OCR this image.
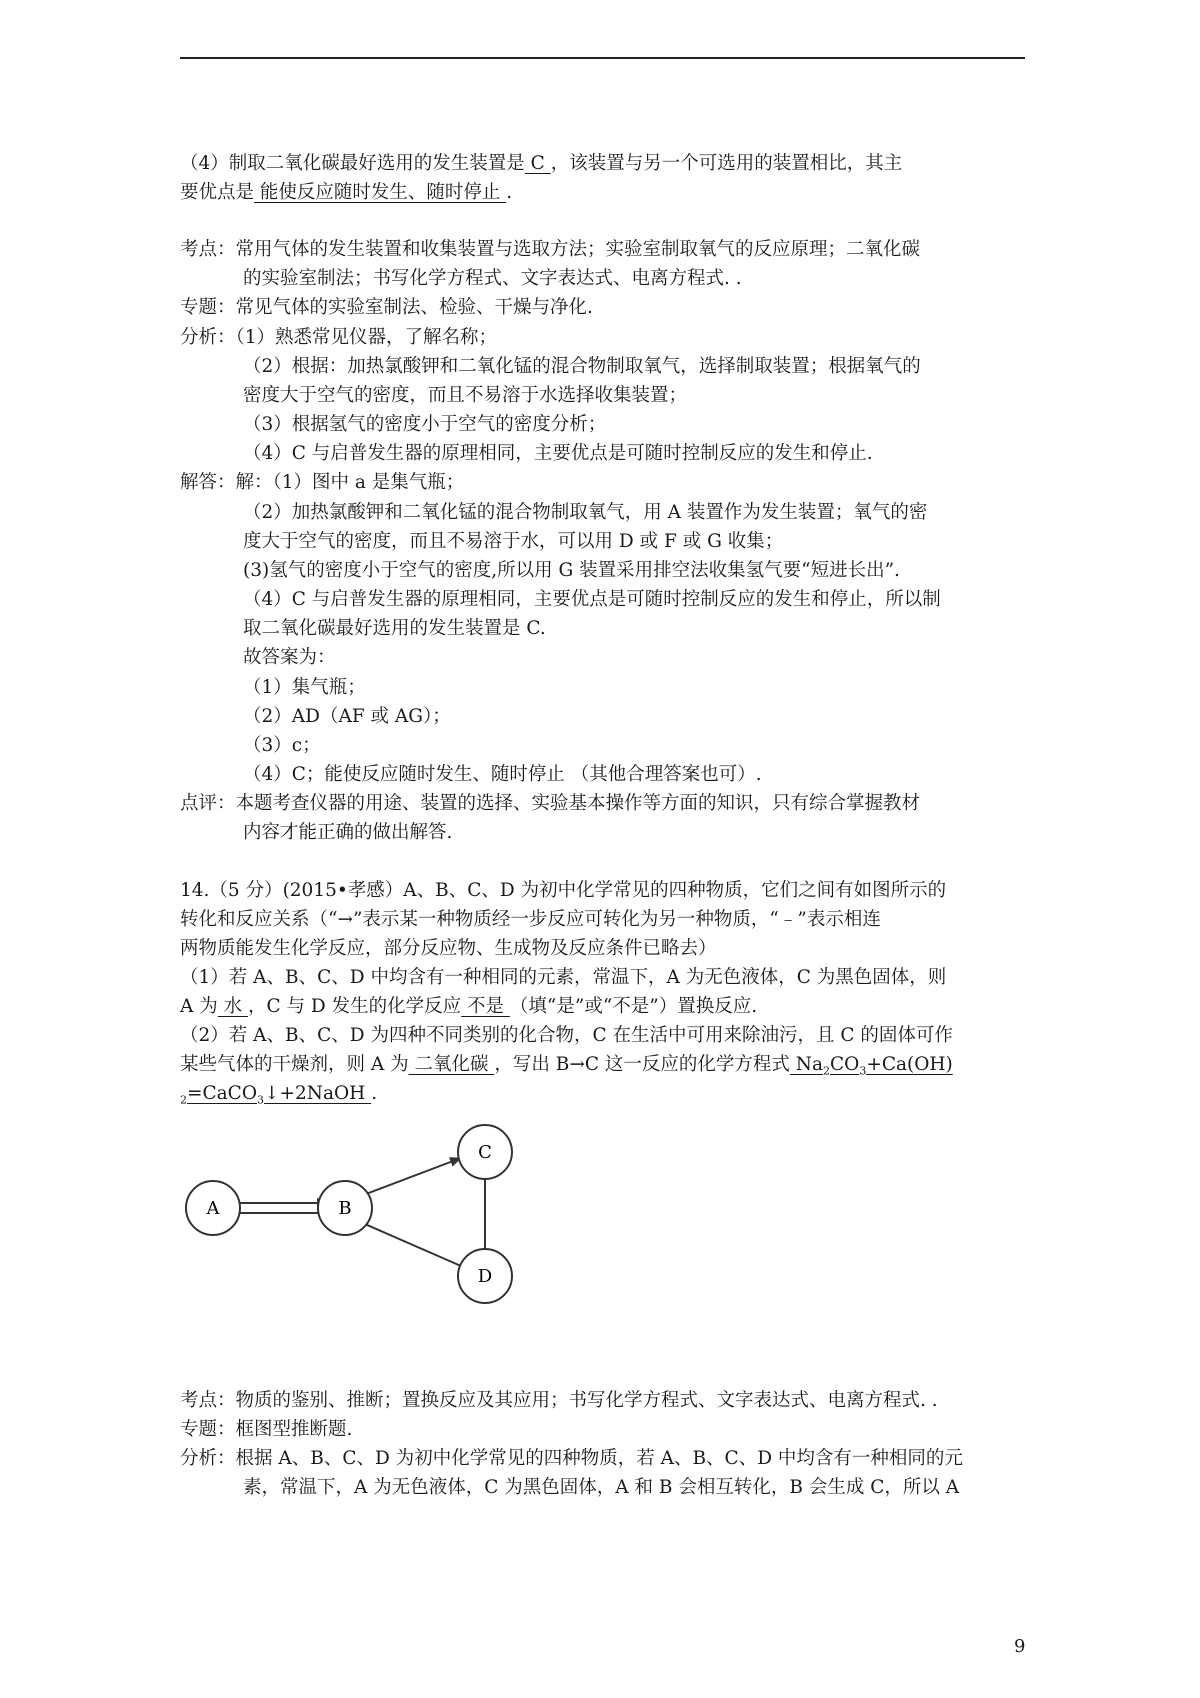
（4）制取二氧化碳最好选用的发生装置是 C ，该装置与另一个可选用的装置相比，其主
要优点是 能使反应随时发生、随时停止 .
考点：常用气体的发生装置和收集装置与选取方法；实验室制取氧气的反应原理；二氧化碳
的实验室制法；书写化学方程式、文字表达式、电离方程式. .
专题：常见气体的实验室制法、检验、干燥与净化.
分析：（1）熟悉常见仪器，了解名称；
（2）根据：加热氯酸钾和二氧化锰的混合物制取氧气，选择制取装置；根据氧气的
密度大于空气的密度，而且不易溶于水选择收集装置；
（3）根据氢气的密度小于空气的密度分析；
（4）C 与启普发生器的原理相同，主要优点是可随时控制反应的发生和停止.
解答：解：（1）图中 a 是集气瓶；
（2）加热氯酸钾和二氧化锰的混合物制取氧气，用 A 装置作为发生装置；氧气的密
度大于空气的密度，而且不易溶于水，可以用 D 或 F 或 G 收集；
(3)氢气的密度小于空气的密度,所以用 G 装置采用排空法收集氢气要“短进长出”.
（4）C 与启普发生器的原理相同，主要优点是可随时控制反应的发生和停止，所以制
取二氧化碳最好选用的发生装置是 C.
故答案为：
（1）集气瓶；
（2）AD（AF 或 AG）；
（3）c；
（4）C；能使反应随时发生、随时停止 （其他合理答案也可）.
点评：本题考查仪器的用途、装置的选择、实验基本操作等方面的知识，只有综合掌握教材
内容才能正确的做出解答.
14.（5 分）(2015•孝感）A、B、C、D 为初中化学常见的四种物质，它们之间有如图所示的
转化和反应关系（“→”表示某一种物质经一步反应可转化为另一种物质，“﹣”表示相连
两物质能发生化学反应，部分反应物、生成物及反应条件已略去）
（1）若 A、B、C、D 中均含有一种相同的元素，常温下，A 为无色液体，C 为黑色固体，则
A 为 水 ，C 与 D 发生的化学反应 不是 （填“是”或“不是”）置换反应.
（2）若 A、B、C、D 为四种不同类别的化合物，C 在生活中可用来除油污，且 C 的固体可作
某些气体的干燥剂，则 A 为 二氧化碳 ，写出 B→C 这一反应的化学方程式 $Na_2CO_3+Ca(OH)$
$_2$=CaCO$_3$↓+2NaOH .
A	B
C
D
考点：物质的鉴别、推断；置换反应及其应用；书写化学方程式、文字表达式、电离方程式. .
专题：框图型推断题.
分析：根据 A、B、C、D 为初中化学常见的四种物质，若 A、B、C、D 中均含有一种相同的元
素，常温下，A 为无色液体，C 为黑色固体，A 和 B 会相互转化，B 会生成 C，所以 A
9
